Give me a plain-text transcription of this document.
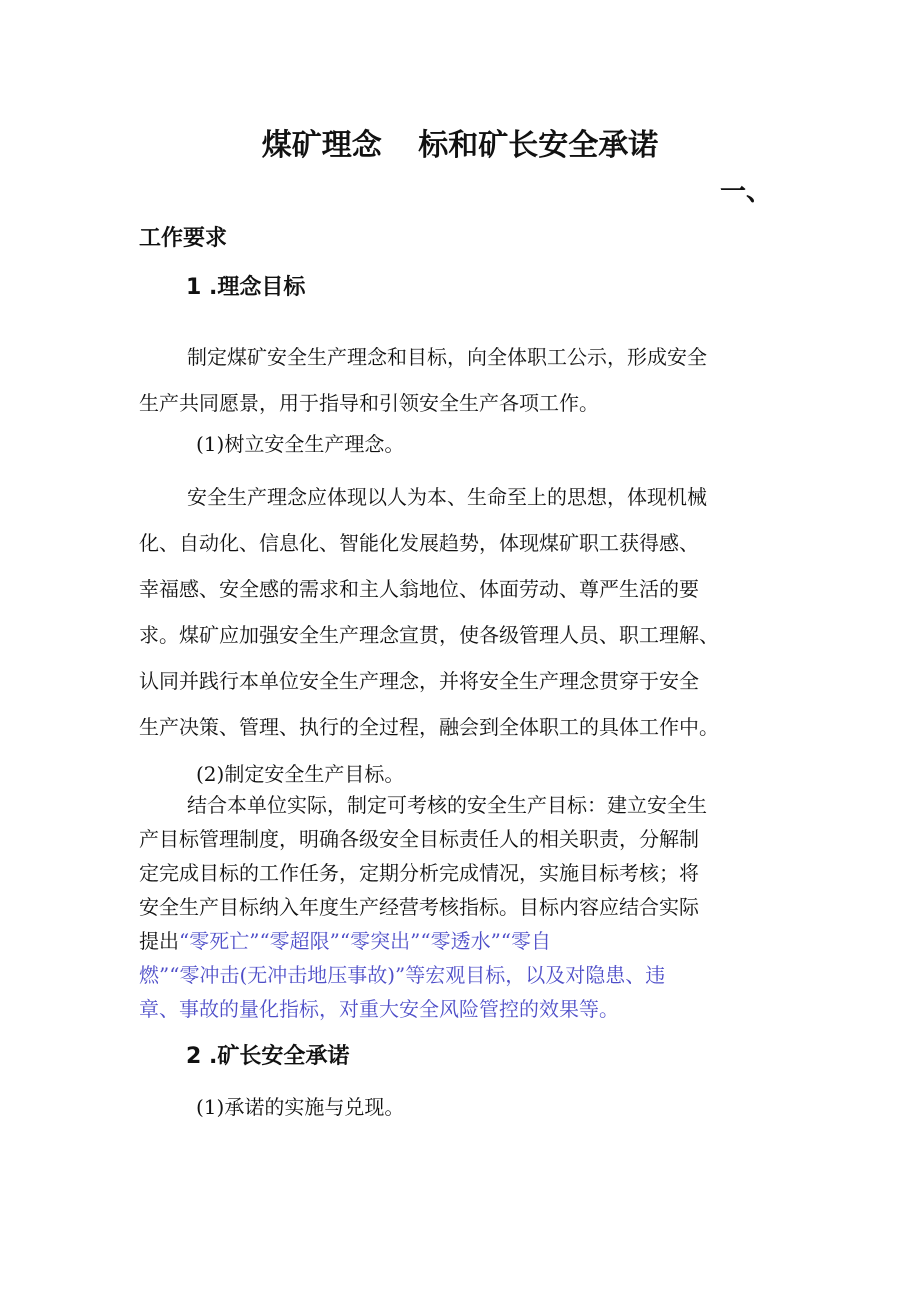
煤矿理念 标和矿长安全承诺
一、
工作要求
1 .理念目标
制定煤矿安全生产理念和目标，向全体职工公示，形成安全
生产共同愿景，用于指导和引领安全生产各项工作。
(1)树立安全生产理念。
安全生产理念应体现以人为本、生命至上的思想，体现机械
化、自动化、信息化、智能化发展趋势，体现煤矿职工获得感、
幸福感、安全感的需求和主人翁地位、体面劳动、尊严生活的要
求。煤矿应加强安全生产理念宣贯，使各级管理人员、职工理解、
认同并践行本单位安全生产理念，并将安全生产理念贯穿于安全
生产决策、管理、执行的全过程，融会到全体职工的具体工作中。
(2)制定安全生产目标。
结合本单位实际，制定可考核的安全生产目标：建立安全生
产目标管理制度，明确各级安全目标责任人的相关职责，分解制
定完成目标的工作任务，定期分析完成情况，实施目标考核；将
安全生产目标纳入年度生产经营考核指标。目标内容应结合实际
提出“零死亡”“零超限”“零突出”“零透水”“零自
燃”“零冲击(无冲击地压事故)”等宏观目标，以及对隐患、违
章、事故的量化指标，对重大安全风险管控的效果等。
2 .矿长安全承诺
(1)承诺的实施与兑现。
